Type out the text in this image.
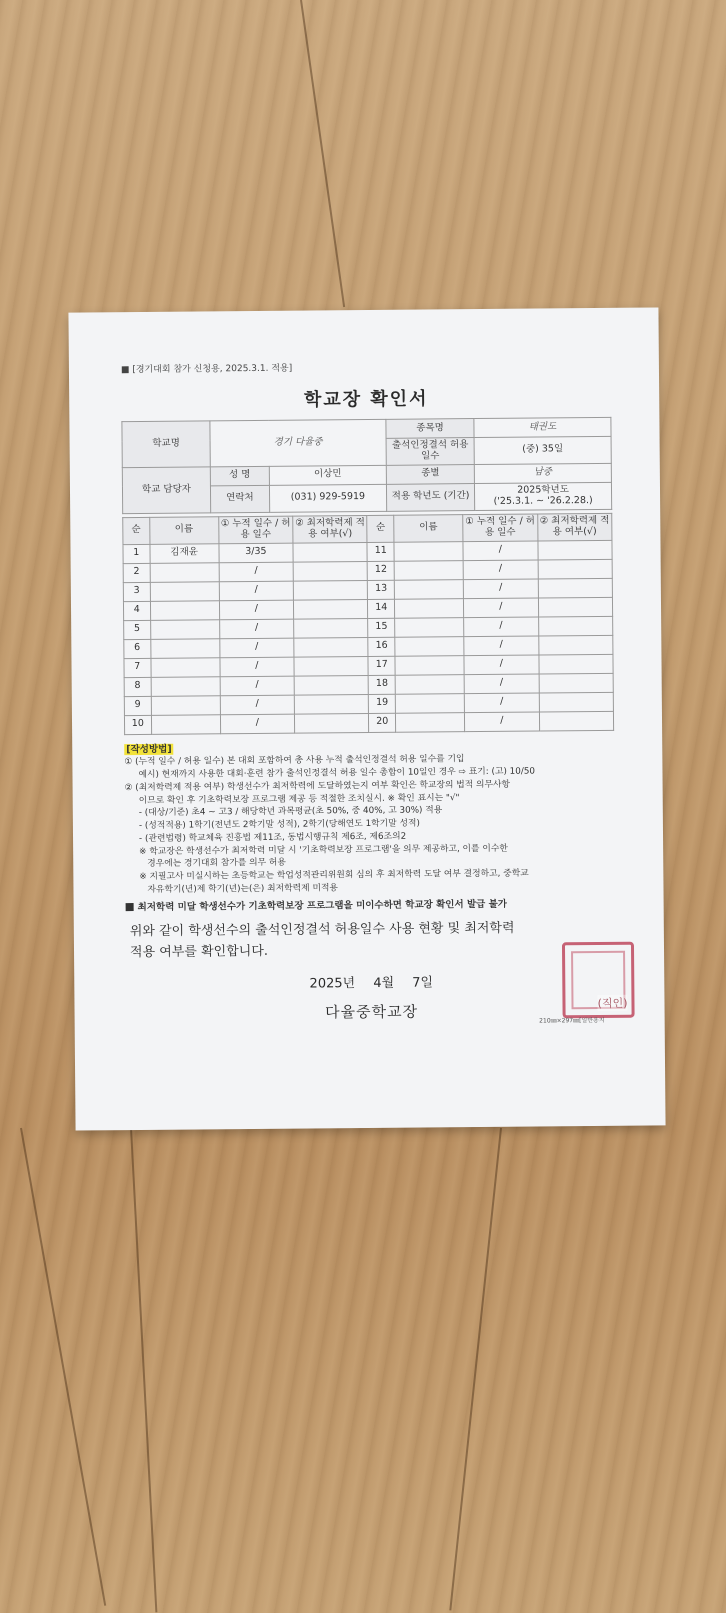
■ [경기대회 참가 신청용, 2025.3.1. 적용]
학교장 확인서
학교명	경기 다율중		종목명	태권도
			출석인정결석 허용 일수	(중) 35일
학교 담당자	성 명	이상민	종별	남중
	연락처	(031) 929-5919	적용 학년도 (기간)	2025학년도
('25.3.1. ~ '26.2.28.)
순	이름	① 누적 일수 / 허용 일수	② 최저학력제 적용 여부(√)	순	이름	① 누적 일수 / 허용 일수	② 최저학력제 적용 여부(√)
1	김재윤	3/35		11		/	
2		/		12		/	
3		/		13		/	
4		/		14		/	
5		/		15		/	
6		/		16		/	
7		/		17		/	
8		/		18		/	
9		/		19		/	
10		/		20		/	
[작성방법]

① (누적 일수 / 허용 일수) 본 대회 포함하여 총 사용 누적 출석인정결석 허용 일수를 기입

예시) 현재까지 사용한 대회·훈련 참가 출석인정결석 허용 일수 총합이 10일인 경우 ⇨ 표기: (고) 10/50

② (최저학력제 적용 여부) 학생선수가 최저학력에 도달하였는지 여부 확인은 학교장의 법적 의무사항

이므로 확인 후 기초학력보장 프로그램 제공 등 적절한 조치실시. ※ 확인 표시는 "√"

- (대상/기준) 초4 ~ 고3 / 해당학년 과목평균(초 50%, 중 40%, 고 30%) 적용

- (성적적용) 1학기(전년도 2학기말 성적), 2학기(당해연도 1학기말 성적)

- (관련법령) 학교체육 진흥법 제11조, 동법시행규칙 제6조, 제6조의2

※ 학교장은 학생선수가 최저학력 미달 시 '기초학력보장 프로그램'을 의무 제공하고, 이를 이수한

경우에는 경기대회 참가를 의무 허용

※ 지필고사 미실시하는 초등학교는 학업성적관리위원회 심의 후 최저학력 도달 여부 결정하고, 중학교

자유학기(년)제 학기(년)는(은) 최저학력제 미적용

최저학력 미달 학생선수가 기초학력보장 프로그램을 미이수하면 학교장 확인서 발급 불가
위와 같이 학생선수의 출석인정결석 허용일수 사용 현황 및 최저학력
적용 여부를 확인합니다.
2025년 4월 7일
다율중학교장	(직인)
210㎜×297㎜[일반용지
